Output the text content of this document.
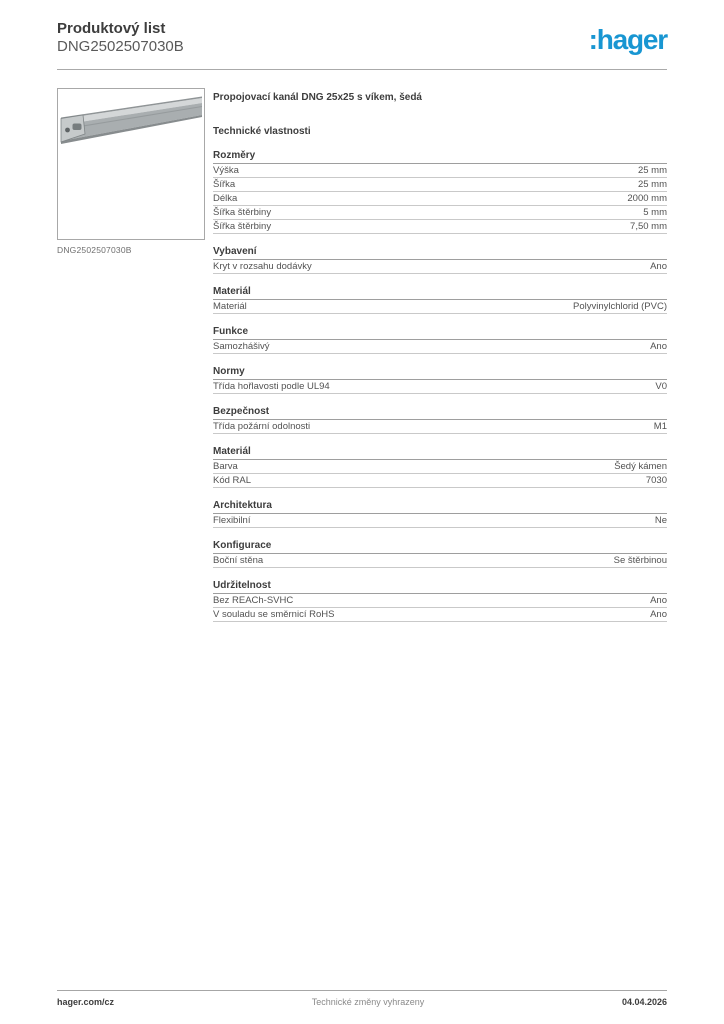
Produktový list
DNG2502507030B	:hager
DNG2502507030B
Propojovací kanál DNG 25x25 s víkem, šedá
Technické vlastnosti
Rozměry
Výška	25 mm
Šířka	25 mm
Délka	2000 mm
Šířka štěrbiny	5 mm
Šířka štěrbiny	7,50 mm
Vybavení
Kryt v rozsahu dodávky	Ano
Materiál
Materiál	Polyvinylchlorid (PVC)
Funkce
Samozhášivý	Ano
Normy
Třída hořlavosti podle UL94	V0
Bezpečnost
Třída požární odolnosti	M1
Materiál
Barva	Šedý kámen
Kód RAL	7030
Architektura
Flexibilní	Ne
Konfigurace
Boční stěna	Se štěrbinou
Udržitelnost
Bez REACh-SVHC	Ano
V souladu se směrnicí RoHS	Ano
hager.com/cz	Technické změny vyhrazeny	04.04.2026
